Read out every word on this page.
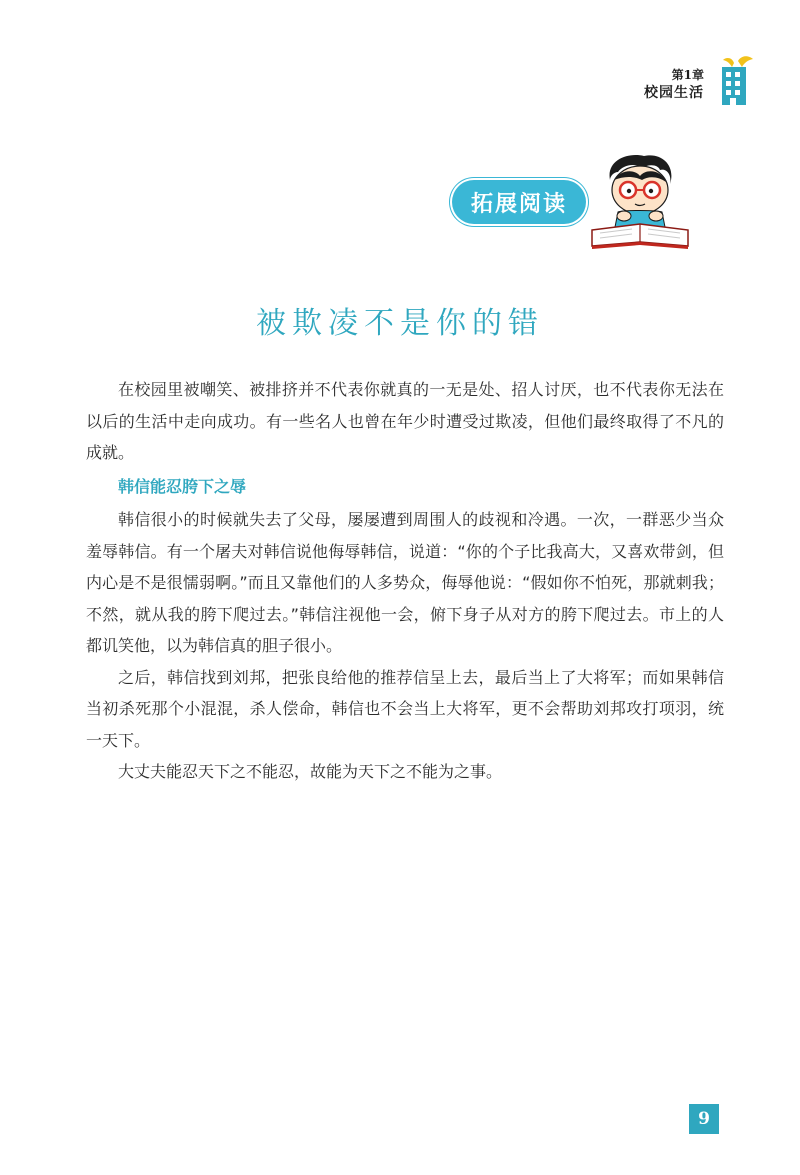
第1章
校园生活
拓展阅读
被欺凌不是你的错

在校园里被嘲笑、被排挤并不代表你就真的一无是处、招人讨厌，也不代表你无法在以后的生活中走向成功。有一些名人也曾在年少时遭受过欺凌，但他们最终取得了不凡的成就。

韩信能忍胯下之辱

韩信很小的时候就失去了父母，屡屡遭到周围人的歧视和冷遇。一次，一群恶少当众羞辱韩信。有一个屠夫对韩信说他侮辱韩信，说道：“你的个子比我高大，又喜欢带剑，但内心是不是很懦弱啊。”而且又靠他们的人多势众，侮辱他说：“假如你不怕死，那就刺我；不然，就从我的胯下爬过去。”韩信注视他一会，俯下身子从对方的胯下爬过去。市上的人都讥笑他，以为韩信真的胆子很小。

之后，韩信找到刘邦，把张良给他的推荐信呈上去，最后当上了大将军；而如果韩信当初杀死那个小混混，杀人偿命，韩信也不会当上大将军，更不会帮助刘邦攻打项羽，统一天下。

大丈夫能忍天下之不能忍，故能为天下之不能为之事。

9
